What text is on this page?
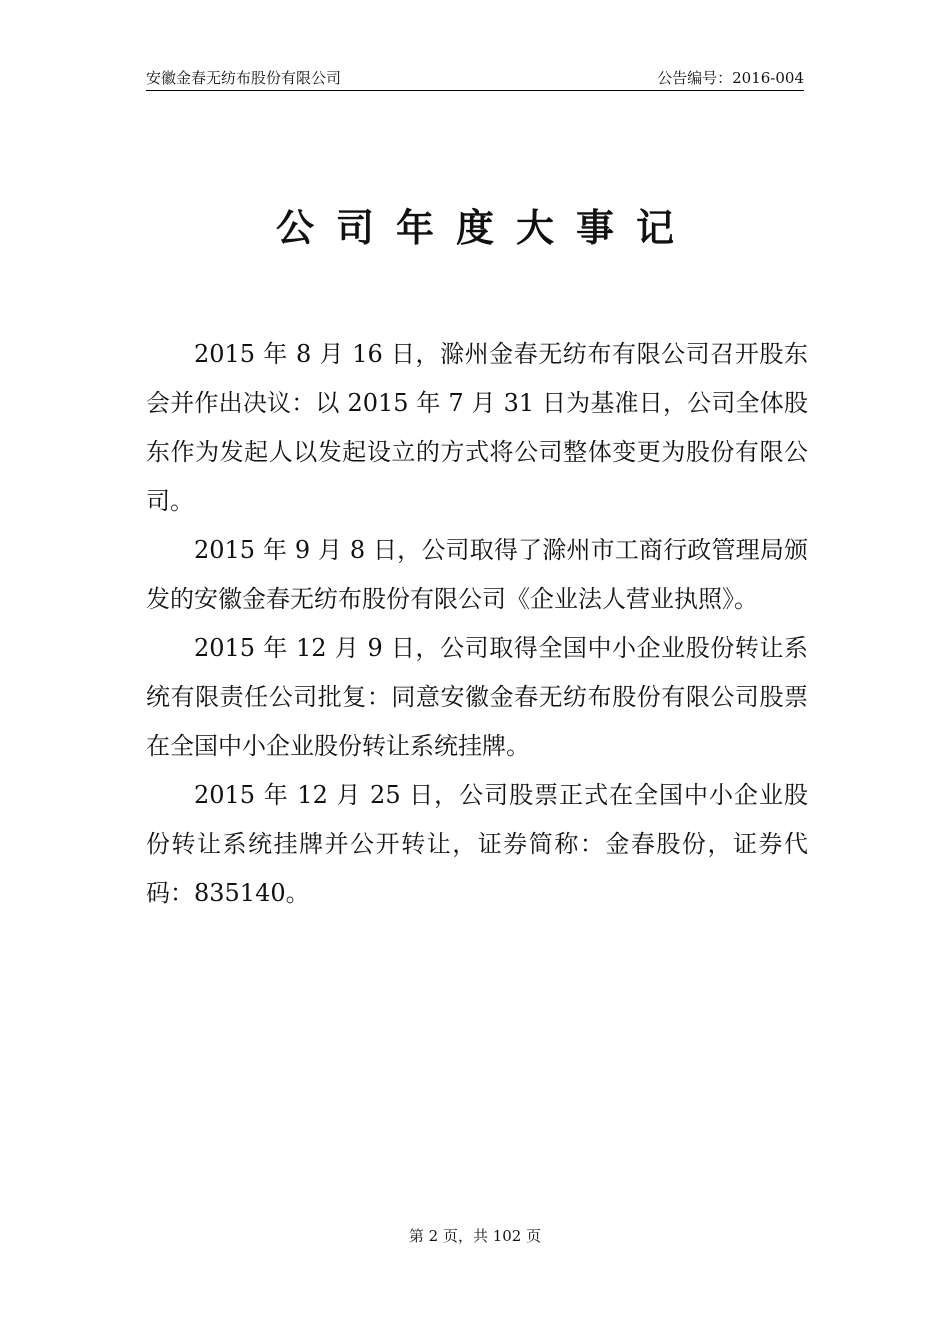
安徽金春无纺布股份有限公司	公告编号：2016-004
公司年度大事记

2015 年 8 月 16 日，滁州金春无纺布有限公司召开股东会并作出决议：以 2015 年 7 月 31 日为基准日，公司全体股东作为发起人以发起设立的方式将公司整体变更为股份有限公司。

2015 年 9 月 8 日，公司取得了滁州市工商行政管理局颁发的安徽金春无纺布股份有限公司《企业法人营业执照》。

2015 年 12 月 9 日，公司取得全国中小企业股份转让系统有限责任公司批复：同意安徽金春无纺布股份有限公司股票在全国中小企业股份转让系统挂牌。

2015 年 12 月 25 日，公司股票正式在全国中小企业股份转让系统挂牌并公开转让，证券简称：金春股份，证券代码：835140。

第 2 页，共 102 页
